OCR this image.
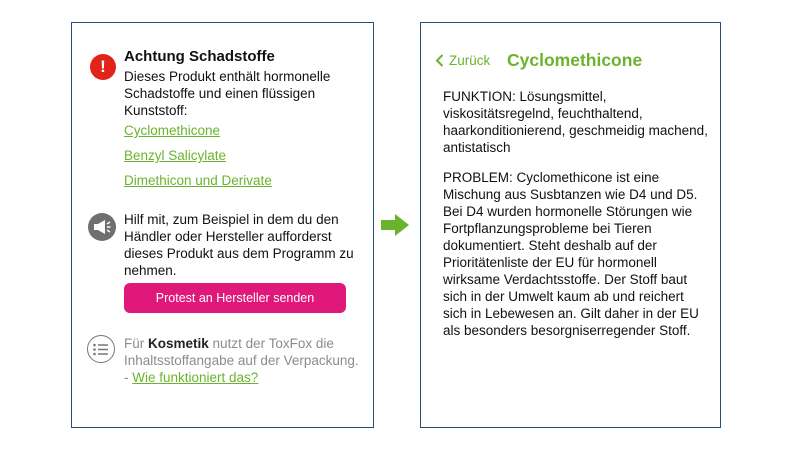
!
Achtung Schadstoffe
Dieses Produkt enthält hormonelle Schadstoffe und einen flüssigen Kunststoff:
Cyclomethicone
Benzyl Salicylate
Dimethicon und Derivate
Hilf mit, zum Beispiel in dem du den Händler oder Hersteller aufforderst dieses Produkt aus dem Programm zu nehmen.
Protest an Hersteller senden
Für Kosmetik nutzt der ToxFox die Inhaltsstoffangabe auf der Verpackung. - Wie funktioniert das?
Zurück Cyclomethicone
FUNKTION: Lösungsmittel, viskositätsregelnd, feuchthaltend, haarkonditionierend, geschmeidig machend, antistatisch
PROBLEM: Cyclomethicone ist eine Mischung aus Susbtanzen wie D4 und D5. Bei D4 wurden hormonelle Störungen wie Fortpflanzungsprobleme bei Tieren dokumentiert. Steht deshalb auf der Prioritätenliste der EU für hormonell wirksame Verdachtsstoffe. Der Stoff baut sich in der Umwelt kaum ab und reichert sich in Lebewesen an. Gilt daher in der EU als besonders besorgniserregender Stoff.
